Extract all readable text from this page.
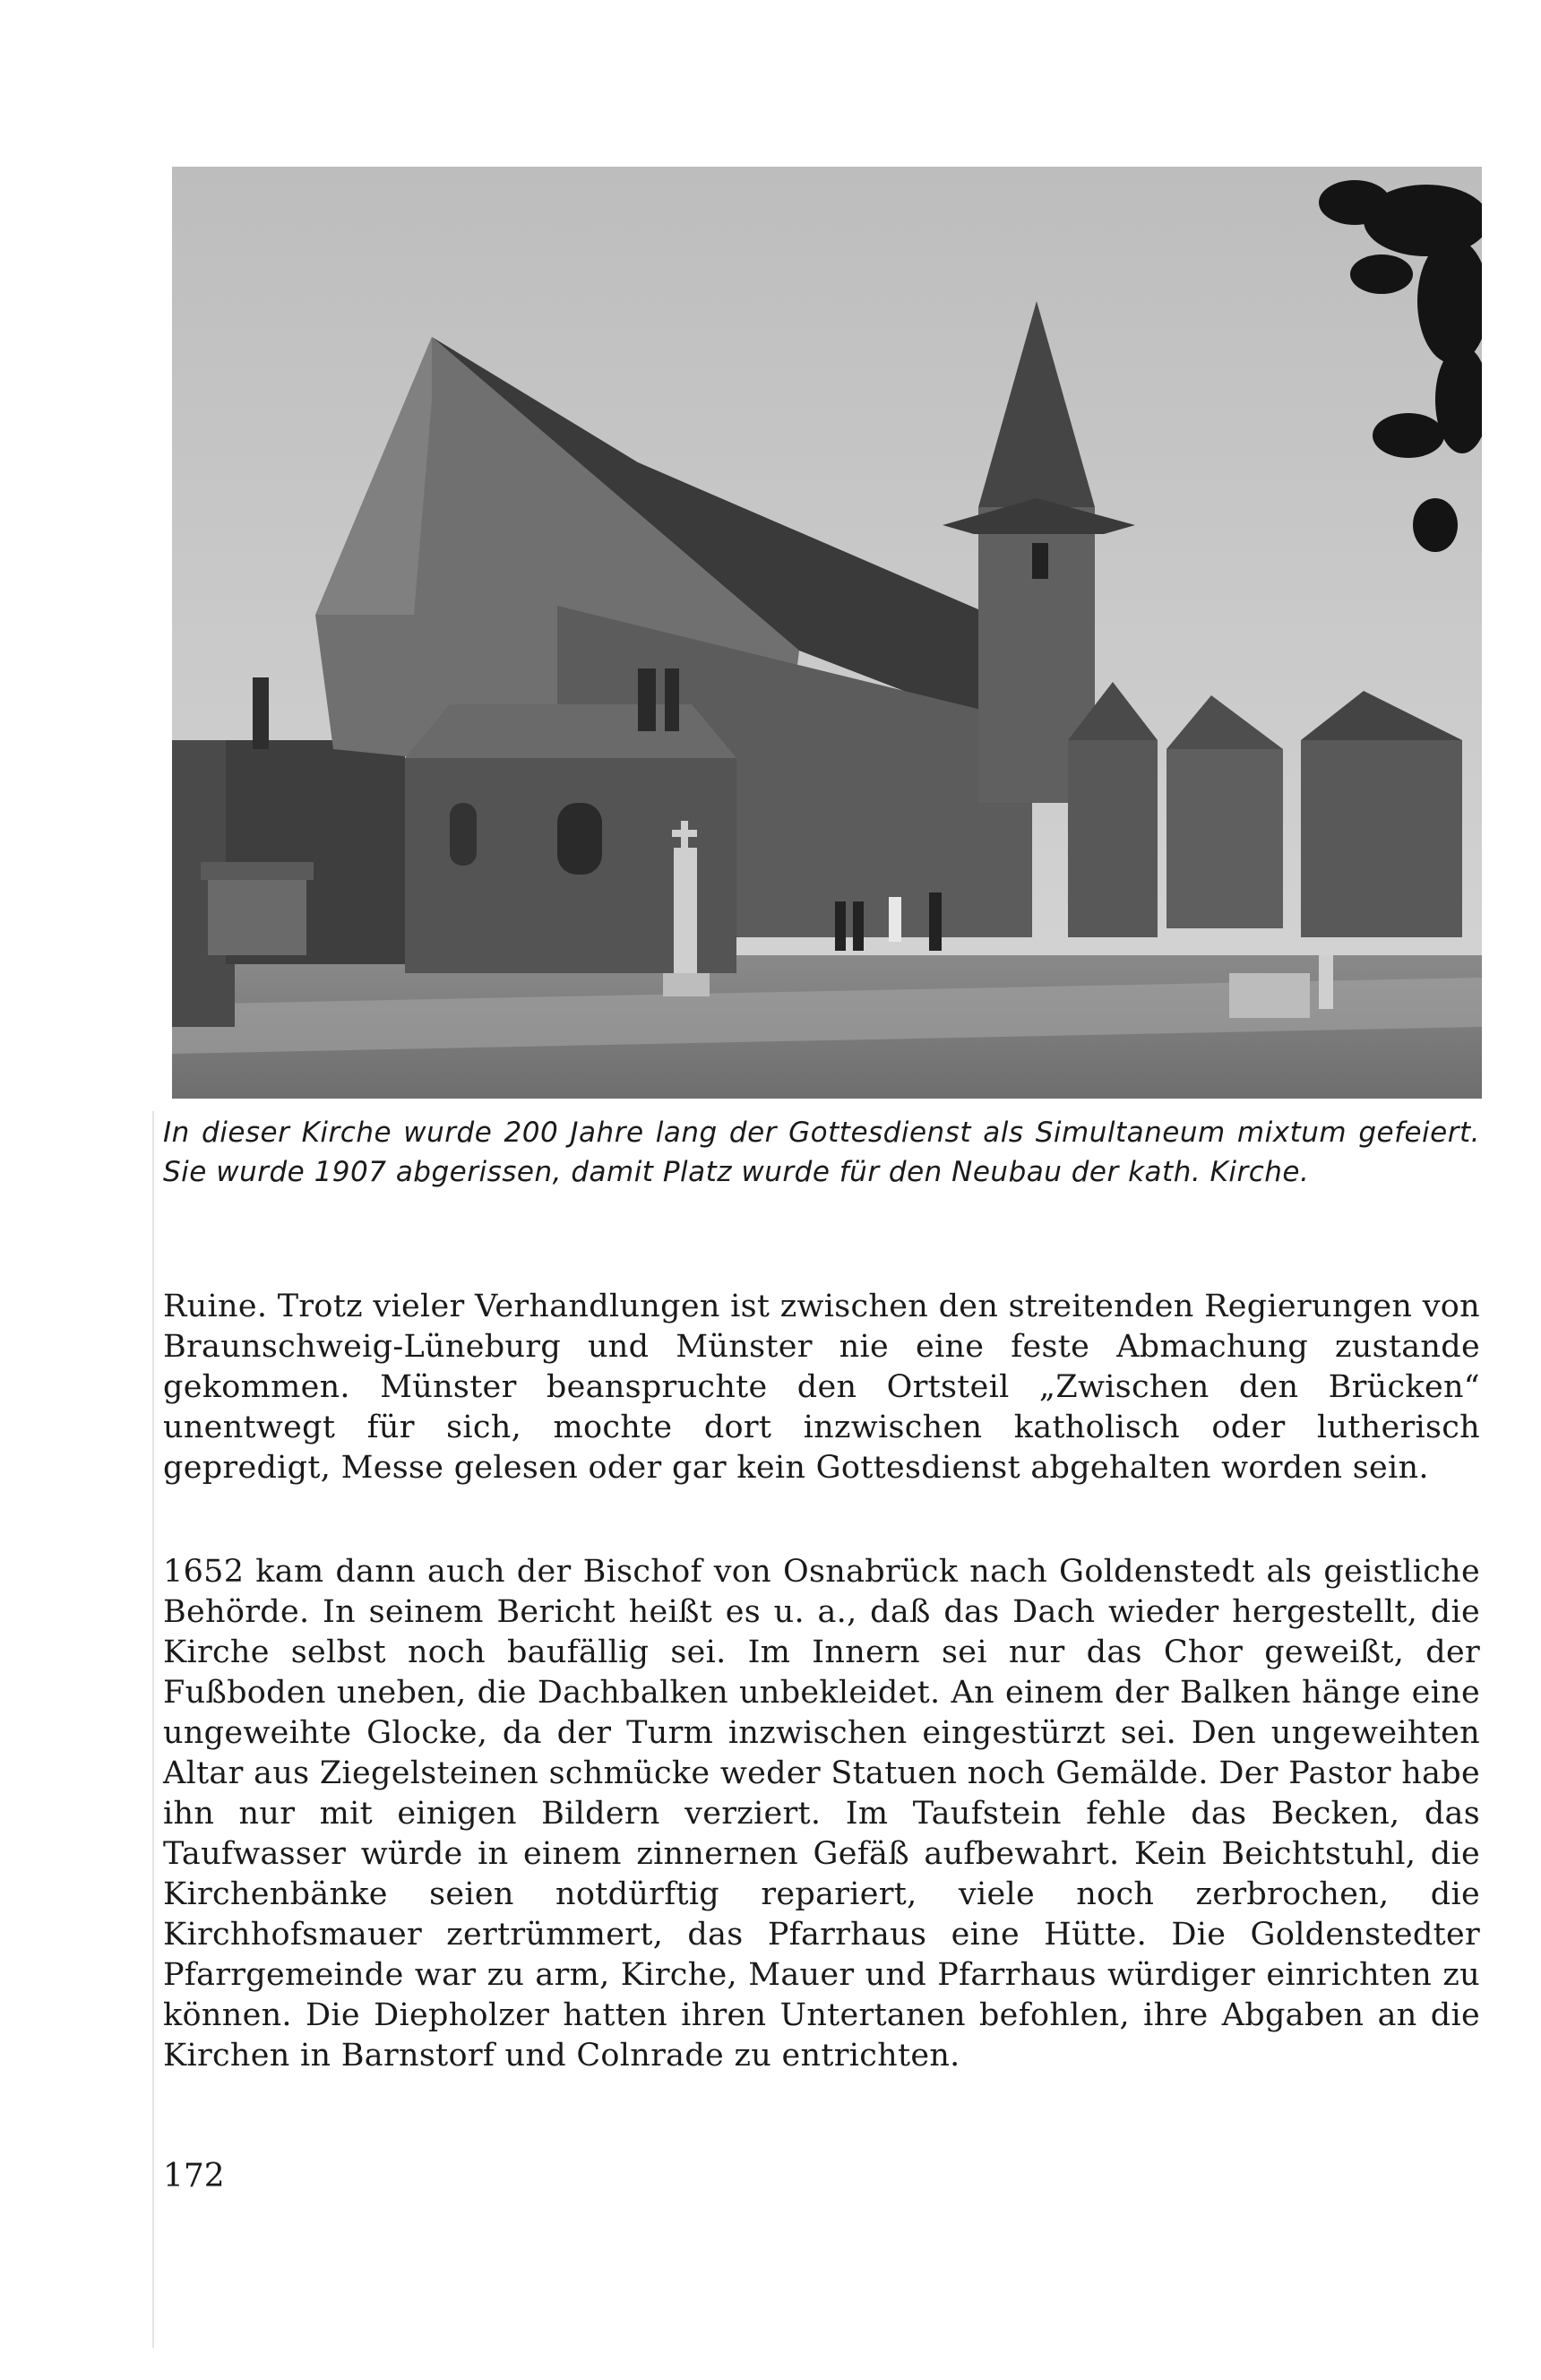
In dieser Kirche wurde 200 Jahre lang der Gottesdienst als Simultaneum mixtum gefeiert. Sie wurde 1907 abgerissen, damit Platz wurde für den Neubau der kath. Kirche.

Ruine. Trotz vieler Verhandlungen ist zwischen den streitenden Regierungen von Braunschweig-Lüneburg und Münster nie eine feste Abmachung zustande gekommen. Münster beanspruchte den Ortsteil „Zwischen den Brücken“ unentwegt für sich, mochte dort inzwischen katholisch oder lutherisch gepredigt, Messe gelesen oder gar kein Gottesdienst abgehalten worden sein.

1652 kam dann auch der Bischof von Osnabrück nach Goldenstedt als geistliche Behörde. In seinem Bericht heißt es u. a., daß das Dach wieder hergestellt, die Kirche selbst noch baufällig sei. Im Innern sei nur das Chor geweißt, der Fußboden uneben, die Dachbalken unbekleidet. An einem der Balken hänge eine ungeweihte Glocke, da der Turm inzwischen eingestürzt sei. Den ungeweihten Altar aus Ziegelsteinen schmücke weder Statuen noch Gemälde. Der Pastor habe ihn nur mit einigen Bildern verziert. Im Taufstein fehle das Becken, das Taufwasser würde in einem zinnernen Gefäß aufbewahrt. Kein Beichtstuhl, die Kirchenbänke seien notdürftig repariert, viele noch zerbrochen, die Kirchhofsmauer zertrümmert, das Pfarrhaus eine Hütte. Die Goldenstedter Pfarrgemeinde war zu arm, Kirche, Mauer und Pfarrhaus würdiger einrichten zu können. Die Diepholzer hatten ihren Untertanen befohlen, ihre Abgaben an die Kirchen in Barnstorf und Colnrade zu entrichten.

172
